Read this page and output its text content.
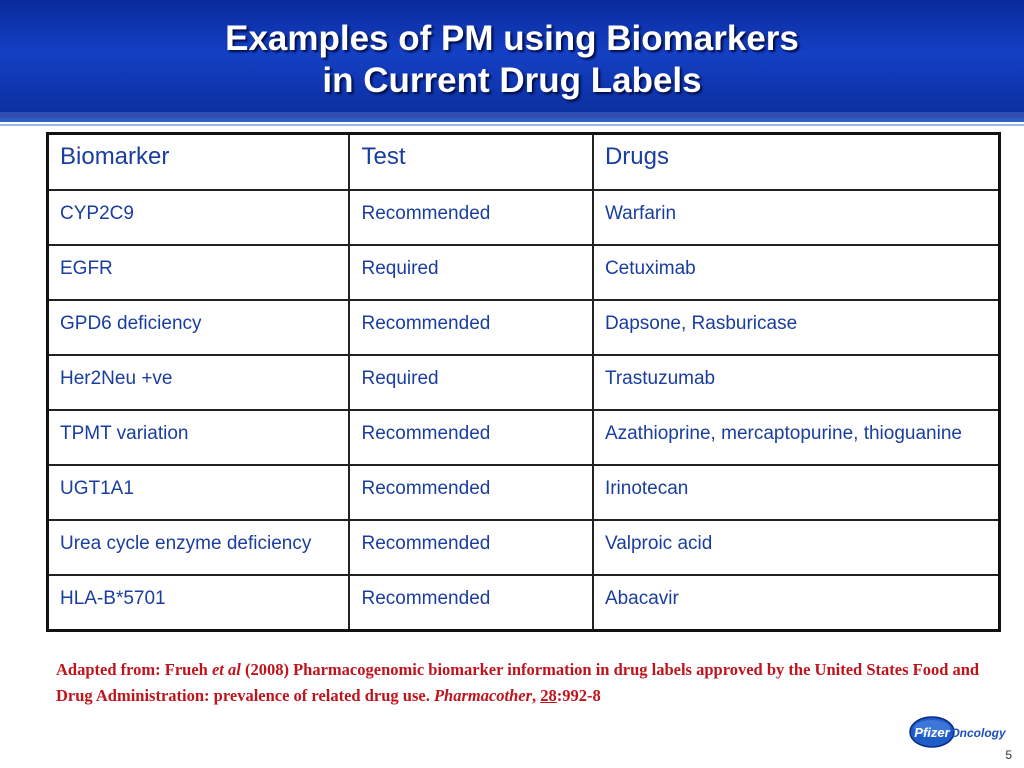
Examples of PM using Biomarkers
in Current Drug Labels
Biomarker	Test	Drugs
CYP2C9	Recommended	Warfarin
EGFR	Required	Cetuximab
GPD6 deficiency	Recommended	Dapsone, Rasburicase
Her2Neu +ve	Required	Trastuzumab
TPMT variation	Recommended	Azathioprine, mercaptopurine, thioguanine
UGT1A1	Recommended	Irinotecan
Urea cycle enzyme deficiency	Recommended	Valproic acid
HLA-B*5701	Recommended	Abacavir
Adapted from: Frueh et al (2008) Pharmacogenomic biomarker information in drug labels approved by the United States Food and Drug Administration: prevalence of related drug use. Pharmacother, 28:992-8
Pfizer Oncology
5
